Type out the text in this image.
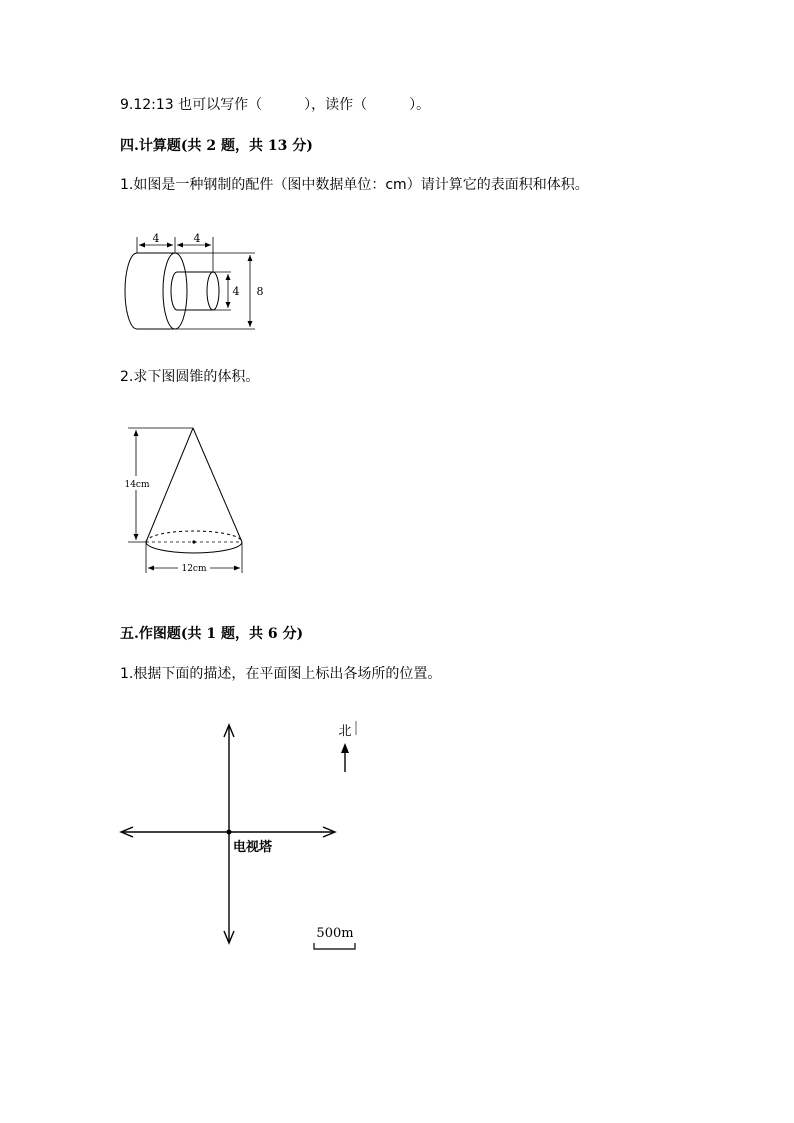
9.12:13 也可以写作（　　　），读作（　　　）。
四.计算题(共 2 题，共 13 分)
1.如图是一种钢制的配件（图中数据单位：cm）请计算它的表面积和体积。
4	4
4 8
2.求下图圆锥的体积。
14cm
12cm
五.作图题(共 1 题，共 6 分)
1.根据下面的描述，在平面图上标出各场所的位置。
电视塔
北
500m
